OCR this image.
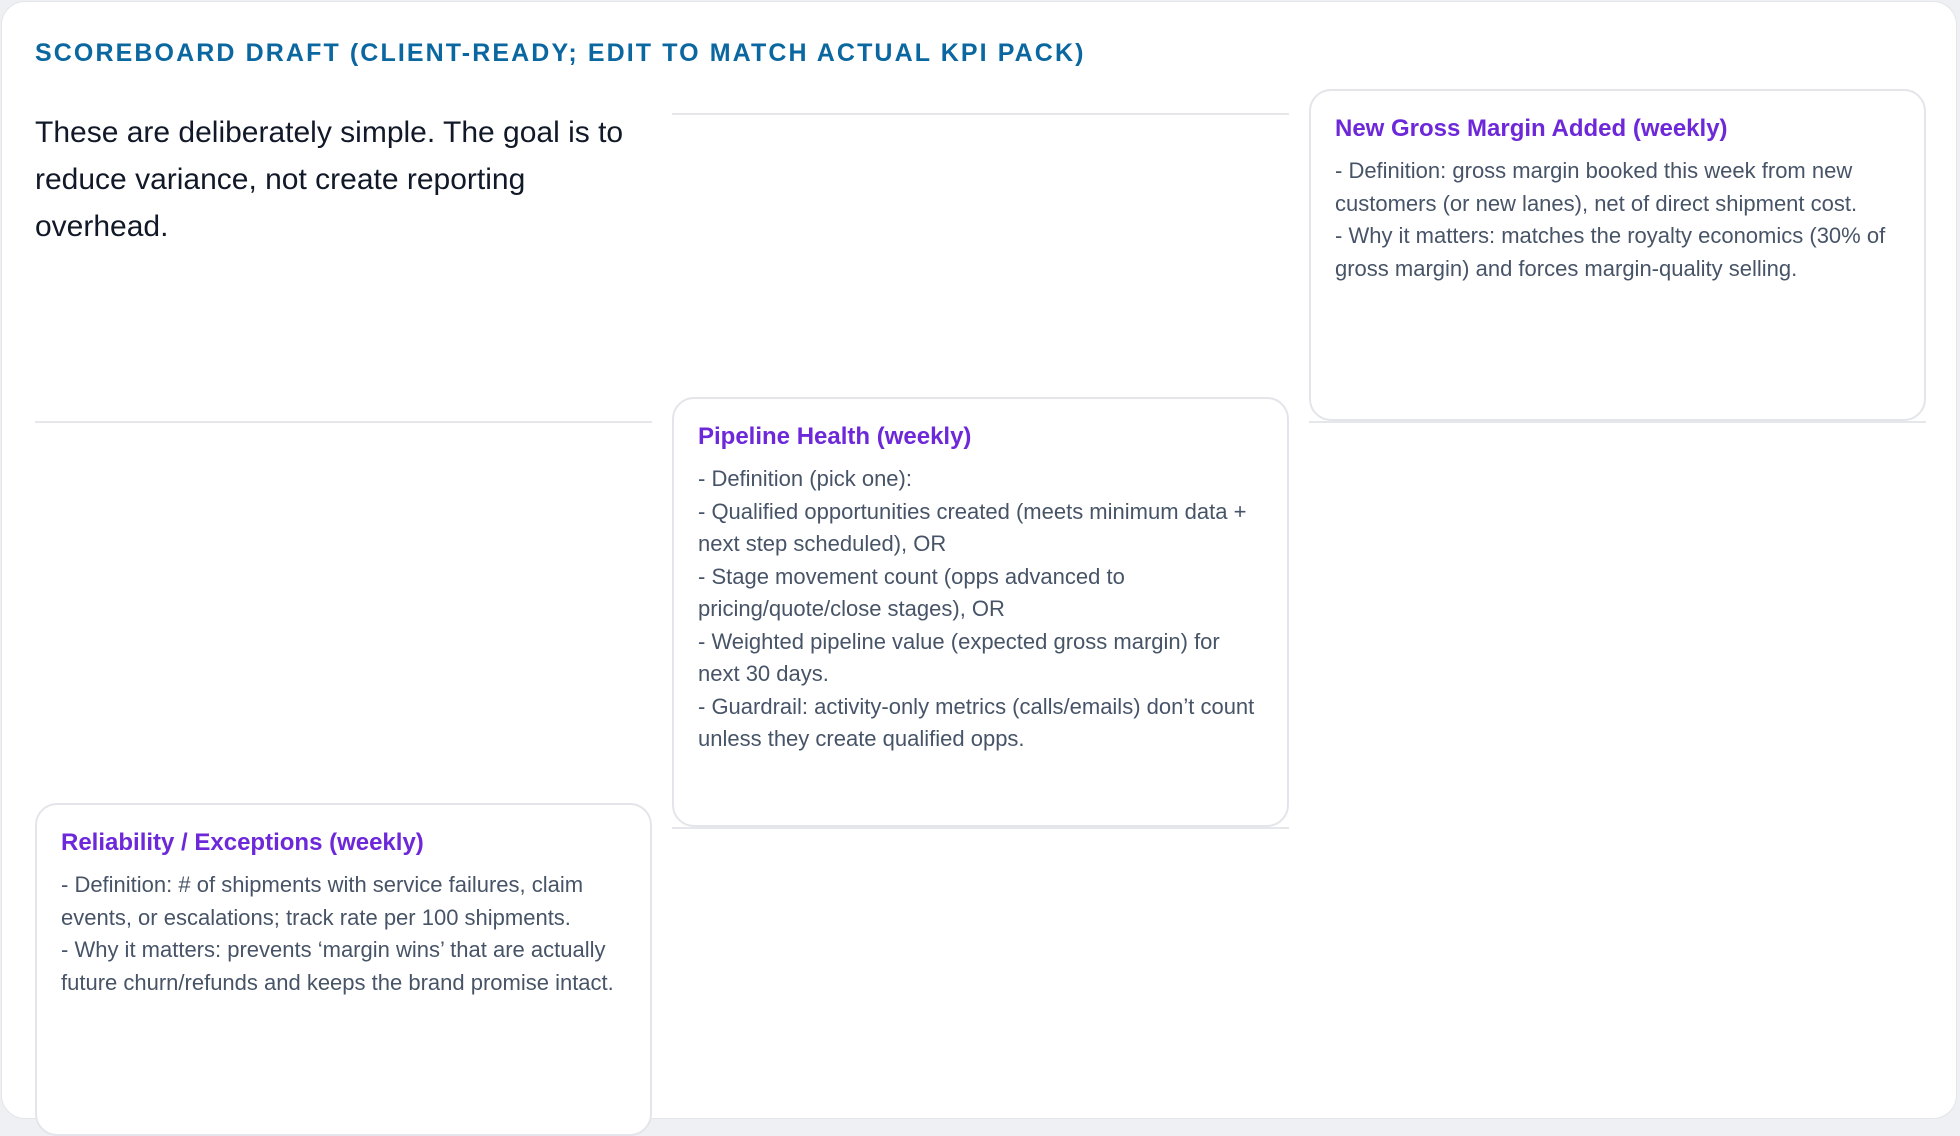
SCOREBOARD DRAFT (CLIENT-READY; EDIT TO MATCH ACTUAL KPI PACK)

These are deliberately simple. The goal is to reduce variance, not create reporting overhead.

New Gross Margin Added (weekly)

- Definition: gross margin booked this week from new customers (or new lanes), net of direct shipment cost.
- Why it matters: matches the royalty economics (30% of gross margin) and forces margin-quality selling.

Pipeline Health (weekly)

- Definition (pick one):
- Qualified opportunities created (meets minimum data + next step scheduled), OR
- Stage movement count (opps advanced to pricing/quote/close stages), OR
- Weighted pipeline value (expected gross margin) for next 30 days.
- Guardrail: activity-only metrics (calls/emails) don’t count unless they create qualified opps.

Reliability / Exceptions (weekly)

- Definition: # of shipments with service failures, claim events, or escalations; track rate per 100 shipments.
- Why it matters: prevents ‘margin wins’ that are actually future churn/refunds and keeps the brand promise intact.
